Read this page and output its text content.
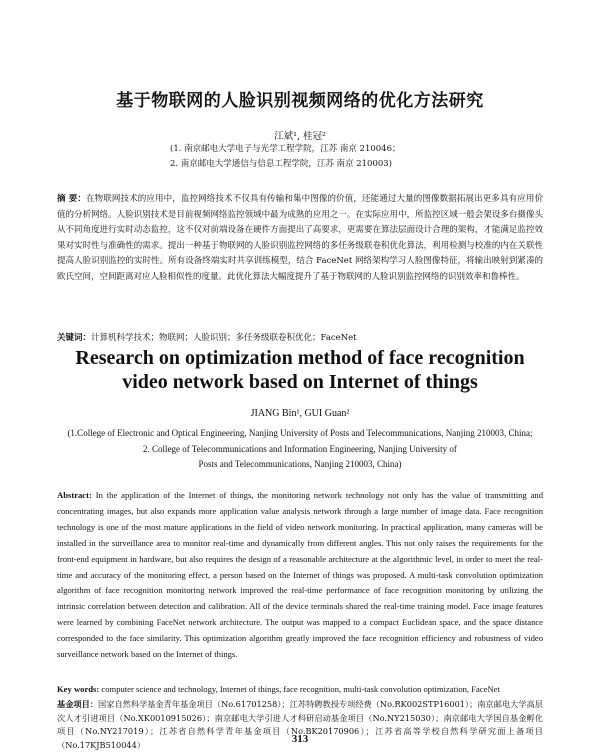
基于物联网的人脸识别视频网络的优化方法研究
江斌¹, 桂冠²
(1. 南京邮电大学电子与光学工程学院，江苏 南京 210046；
2. 南京邮电大学通信与信息工程学院，江苏 南京 210003)
摘 要：在物联网技术的应用中，监控网络技术不仅具有传输和集中图像的价值，还能通过大量的图像数据拓展出更多具有应用价值的分析网络。人脸识别技术是目前视频网络监控领域中最为成熟的应用之一。在实际应用中，所监控区域一般会架设多台摄像头从不同角度进行实时动态监控，这不仅对前端设备在硬件方面提出了高要求，更需要在算法层面设计合理的架构，才能满足监控效果对实时性与准确性的需求。提出一种基于物联网的人脸识别监控网络的多任务级联卷积优化算法，利用检测与校准的内在关联性提高人脸识别监控的实时性。所有设备终端实时共享训练模型，结合 FaceNet 网络架构学习人脸图像特征，将输出映射到紧凑的欧氏空间，空间距离对应人脸相似性的度量。此优化算法大幅度提升了基于物联网的人脸识别监控网络的识别效率和鲁棒性。
关键词：计算机科学技术；物联网；人脸识别；多任务级联卷积优化；FaceNet
Research on optimization method of face recognition
video network based on Internet of things
JIANG Bin¹, GUI Guan²
(1.College of Electronic and Optical Engineering, Nanjing University of Posts and Telecommunications, Nanjing 210003, China;
2. College of Telecommunications and Information Engineering, Nanjing University of
Posts and Telecommunications, Nanjing 210003, China)
Abstract: In the application of the Internet of things, the monitoring network technology not only has the value of transmitting and concentrating images, but also expands more application value analysis network through a large number of image data. Face recognition technology is one of the most mature applications in the field of video network monitoring. In practical application, many cameras will be installed in the surveillance area to monitor real-time and dynamically from different angles. This not only raises the requirements for the front-end equipment in hardware, but also requires the design of a reasonable architecture at the algorithmic level, in order to meet the real-time and accuracy of the monitoring effect, a person based on the Internet of things was proposed. A multi-task convolution optimization algorithm of face recognition monitoring network improved the real-time performance of face recognition monitoring by utilizing the intrinsic correlation between detection and calibration. All of the device terminals shared the real-time training model. Face image features were learned by combining FaceNet network architecture. The output was mapped to a compact Euclidean space, and the space distance corresponded to the face similarity. This optimization algorithm greatly improved the face recognition efficiency and robustness of video surveillance network based on the Internet of things.
Key words: computer science and technology, Internet of things, face recognition, multi-task convolution optimization, FaceNet
基金项目：国家自然科学基金青年基金项目（No.61701258）；江苏特聘教授专项经费（No.RK002STP16001）；南京邮电大学高层次人才引进项目（No.XK0010915026）；南京邮电大学引进人才科研启动基金项目（No.NY215030）；南京邮电大学国自基金孵化项目（No.NY217019）；江苏省自然科学青年基金项目（No.BK20170906）；江苏省高等学校自然科学研究面上备项目（No.17KJB510044）	313
